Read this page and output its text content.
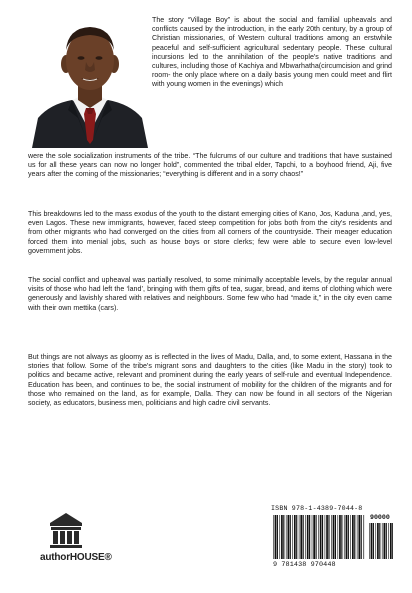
The story “Village Boy” is about the social and familial upheavals and conflicts caused by the introduction, in the early 20th century, by a group of Christian missionaries, of Western cultural traditions among an erstwhile peaceful and self-sufficient agricultural sedentary people. These cultural incursions led to the annihilation of the people's native traditions and cultures, including those of Kachiya and Mbwarhatha(circumcision and grind room- the only place where on a daily basis young men could meet and flirt with young women in the evenings) which
were the sole socialization instruments of the tribe. “The fulcrums of our culture and traditions that have sustained us for all these years can now no longer hold”, commented the tribal elder, Tapchi, to a boyhood friend, Aji, five years after the coming of the missionaries; “everything is different and in a sorry chaos!”
This breakdowns led to the mass exodus of the youth to the distant emerging cities of Kano, Jos, Kaduna ,and, yes, even Lagos. These new immigrants, however, faced steep competition for jobs both from the city's residents and from other migrants who had converged on the cities from all corners of the countryside. Their meager education forced them into menial jobs, such as house boys or store clerks; few were able to secure even low-level government jobs.
The social conflict and upheaval was partially resolved, to some minimally acceptable levels, by the regular annual visits of those who had left the ‘land’, bringing with them gifts of tea, sugar, bread, and items of clothing which were generously and lavishly shared with relatives and neighbours. Some few who had “made it,” in the city even came with their own mettika (cars).
But things are not always as gloomy as is reflected in the lives of Madu, Dalla, and, to some extent, Hassana in the stories that follow. Some of the tribe's migrant sons and daughters to the cities (like Madu in the story) took to politics and became active, relevant and prominent during the early years of self-rule and eventual Independence. Education has been, and continues to be, the social instrument of mobility for the children of the migrants and for those who remained on the land, as for example, Dalla. They can now be found in all sectors of the Nigerian society, as educators, business men, politicians and high cadre civil servants.
authorHOUSE®
ISBN 978-1-4389-7044-8
90000
9 781438 970448
